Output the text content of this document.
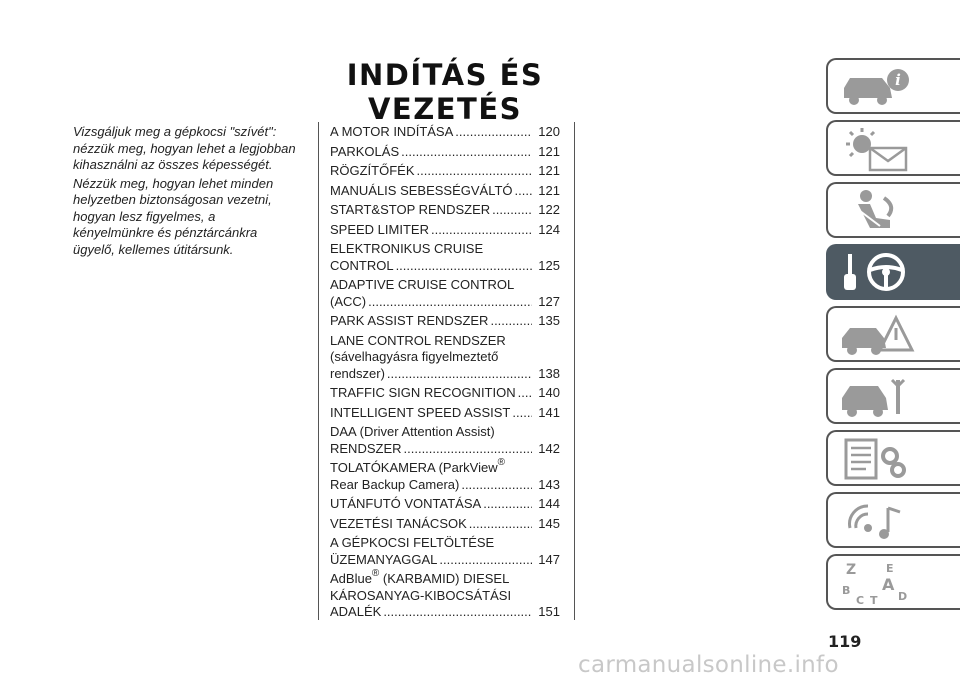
INDÍTÁS ÉS VEZETÉS

Vizsgáljuk meg a gépkocsi "szívét": nézzük meg, hogyan lehet a legjobban kihasználni az összes képességét.

Nézzük meg, hogyan lehet minden helyzetben biztonságosan vezetni, hogyan lesz figyelmes, a kényelmünkre és pénztárcánkra ügyelő, kellemes útitársunk.

A MOTOR INDÍTÁSA .....	120
PARKOLÁS .....	121
RÖGZÍTŐFÉK .....	121
MANUÁLIS SEBESSÉGVÁLTÓ .....	121
START&STOP RENDSZER .....	122
SPEED LIMITER .....	124
ELEKTRONIKUS CRUISE
CONTROL .....	125
ADAPTIVE CRUISE CONTROL
(ACC) .....	127
PARK ASSIST RENDSZER .....	135
LANE CONTROL RENDSZER
(sávelhagyásra figyelmeztető
rendszer) .....	138
TRAFFIC SIGN RECOGNITION .....	140
INTELLIGENT SPEED ASSIST .....	141
DAA (Driver Attention Assist)
RENDSZER .....	142
TOLATÓKAMERA (ParkView®
Rear Backup Camera) .....	143
UTÁNFUTÓ VONTATÁSA .....	144
VEZETÉSI TANÁCSOK .....	145
A GÉPKOCSI FELTÖLTÉSE
ÜZEMANYAGGAL .....	147
AdBlue® (KARBAMID) DIESEL
KÁROSANYAG-KIBOCSÁTÁSI
ADALÉK .....	151
i
Z	E
B A
C T D
119
carmanualsonline.info
